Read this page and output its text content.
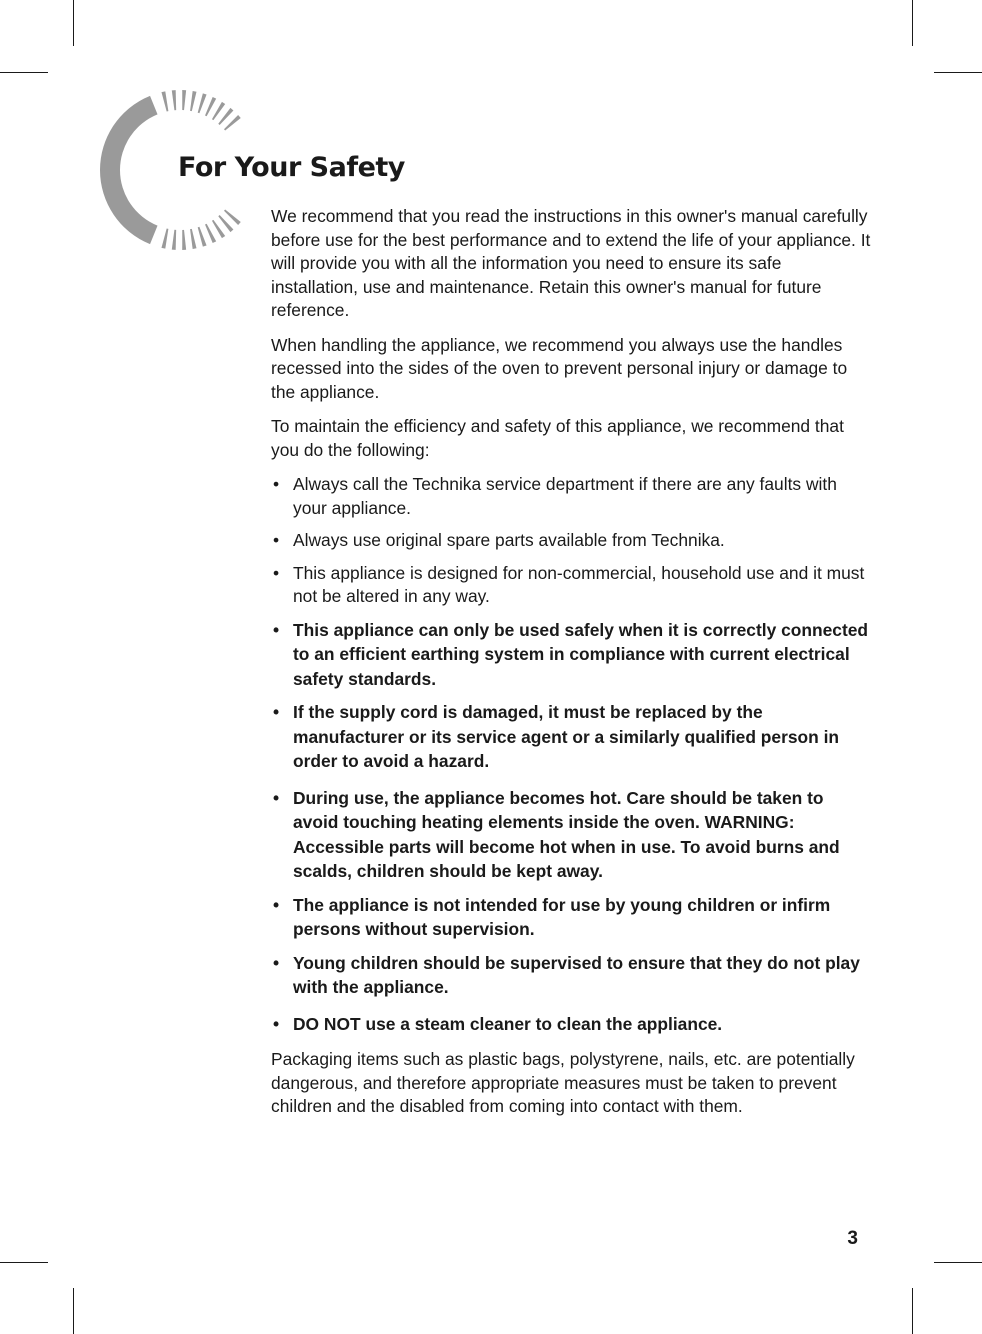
For Your Safety

We recommend that you read the instructions in this owner's manual carefully before use for the best performance and to extend the life of your appliance. It will provide you with all the information you need to ensure its safe installation, use and maintenance. Retain this owner's manual for future reference.

When handling the appliance, we recommend you always use the handles recessed into the sides of the oven to prevent personal injury or damage to the appliance.

To maintain the efficiency and safety of this appliance, we recommend that you do the following:

• Always call the Technika service department if there are any faults with your appliance.
• Always use original spare parts available from Technika.
• This appliance is designed for non-commercial, household use and it must not be altered in any way.
• This appliance can only be used safely when it is correctly connected to an efficient earthing system in compliance with current electrical safety standards.
• If the supply cord is damaged, it must be replaced by the manufacturer or its service agent or a similarly qualified person in order to avoid a hazard.
• During use, the appliance becomes hot. Care should be taken to avoid touching heating elements inside the oven. WARNING: Accessible parts will become hot when in use. To avoid burns and scalds, children should be kept away.
• The appliance is not intended for use by young children or infirm persons without supervision.
• Young children should be supervised to ensure that they do not play with the appliance.
• DO NOT use a steam cleaner to clean the appliance.

Packaging items such as plastic bags, polystyrene, nails, etc. are potentially dangerous, and therefore appropriate measures must be taken to prevent children and the disabled from coming into contact with them.

3
